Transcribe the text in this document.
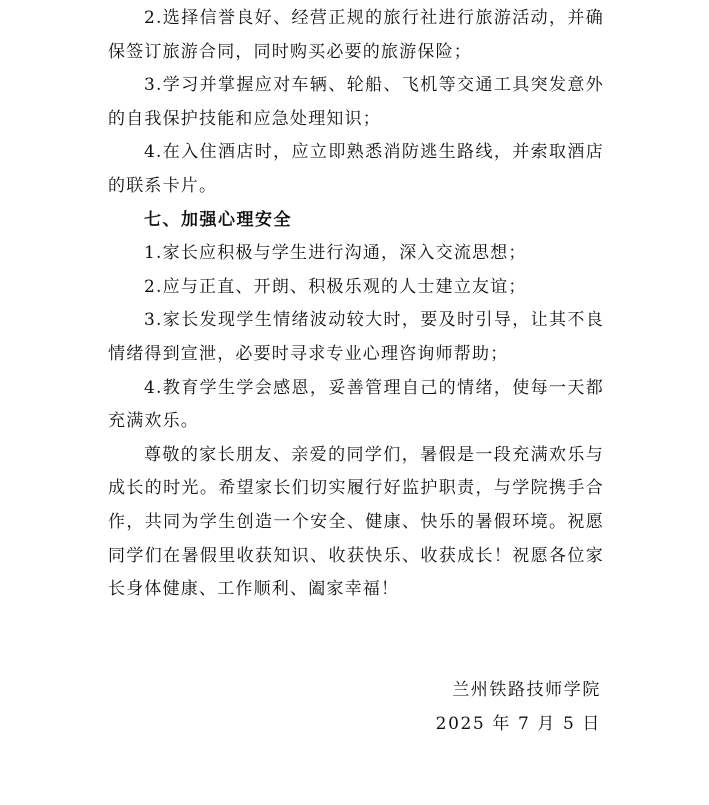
2.选择信誉良好、经营正规的旅行社进行旅游活动，并确保签订旅游合同，同时购买必要的旅游保险；

3.学习并掌握应对车辆、轮船、飞机等交通工具突发意外的自我保护技能和应急处理知识；

4.在入住酒店时，应立即熟悉消防逃生路线，并索取酒店的联系卡片。

七、加强心理安全

1.家长应积极与学生进行沟通，深入交流思想；

2.应与正直、开朗、积极乐观的人士建立友谊；

3.家长发现学生情绪波动较大时，要及时引导，让其不良情绪得到宣泄，必要时寻求专业心理咨询师帮助；

4.教育学生学会感恩，妥善管理自己的情绪，使每一天都充满欢乐。

尊敬的家长朋友、亲爱的同学们，暑假是一段充满欢乐与成长的时光。希望家长们切实履行好监护职责，与学院携手合作，共同为学生创造一个安全、健康、快乐的暑假环境。祝愿同学们在暑假里收获知识、收获快乐、收获成长！祝愿各位家长身体健康、工作顺利、阖家幸福！

兰州铁路技师学院

2025 年 7 月 5 日
